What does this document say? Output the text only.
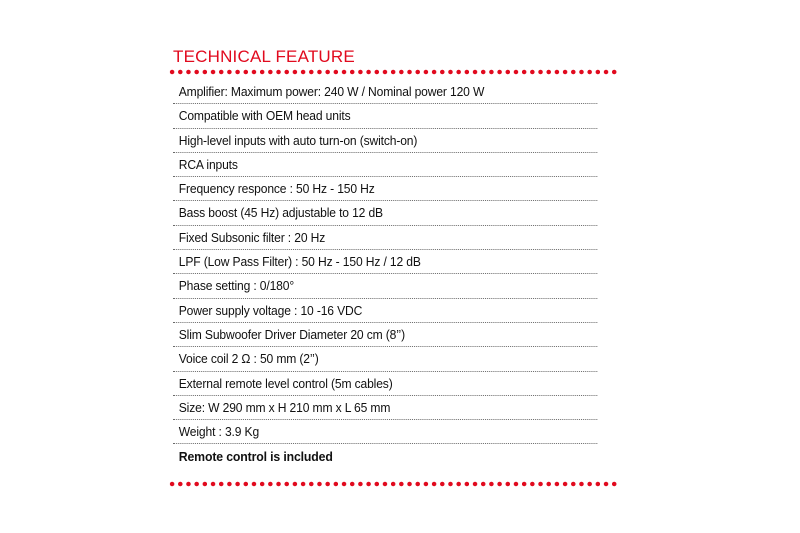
TECHNICAL FEATURE
Amplifier: Maximum power: 240 W / Nominal power 120 W
Compatible with OEM head units
High-level inputs with auto turn-on (switch-on)
RCA inputs
Frequency responce : 50 Hz - 150 Hz
Bass boost (45 Hz) adjustable to 12 dB
Fixed Subsonic filter : 20 Hz
LPF (Low Pass Filter) : 50 Hz - 150 Hz / 12 dB
Phase setting : 0/180°
Power supply voltage : 10 -16 VDC
Slim Subwoofer Driver Diameter 20 cm (8’’)
Voice coil 2 Ω : 50 mm (2’’)
External remote level control (5m cables)
Size: W 290 mm x H 210 mm x L 65 mm
Weight : 3.9 Kg
Remote control is included
